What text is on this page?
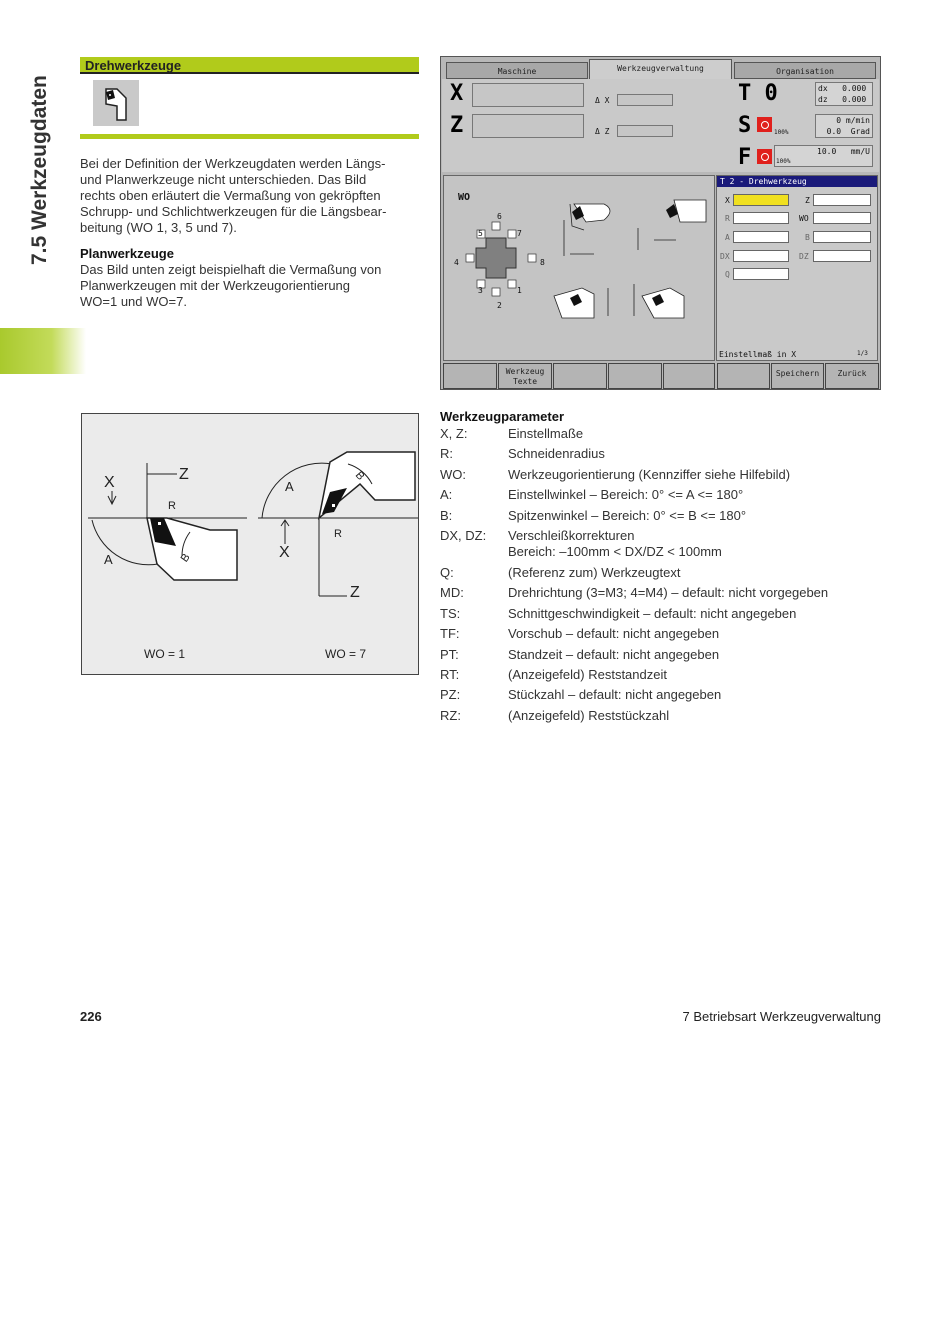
7.5 Werkzeugdaten
Drehwerkzeuge
Bei der Definition der Werkzeugdaten werden Längs-
und Planwerkzeuge nicht unterschieden. Das Bild
rechts oben erläutert die Vermaßung von gekröpften
Schrupp- und Schlichtwerkzeugen für die Längsbear-
beitung (WO 1, 3, 5 und 7).
Planwerkzeuge
Das Bild unten zeigt beispielhaft die Vermaßung von
Planwerkzeugen mit der Werkzeugorientierung
WO=1 und WO=7.
X	Z
R
A	B
WO = 1
X
Z
R
A
B
WO = 7
Maschine	Werkzeugverwaltung	Organisation
X
Z
Δ X
Δ Z
T 0	dx   0.000
dz   0.000
S	100%
0 m/min
0.0  Grad
F	10.0   mm/U
100%
WO
6
5	7
4	8
3	1
2
T 2 - Drehwerkzeug
X	Z
R	WO
A	B
DX	DZ
Q
Einstellmaß in X	1/3
Werkzeug Texte
Speichern	Zurück
Werkzeugparameter
X, Z:	Einstellmaße
R:	Schneidenradius
WO:	Werkzeugorientierung (Kennziffer siehe Hilfebild)
A:	Einstellwinkel – Bereich: 0° <= A <= 180°
B:	Spitzenwinkel – Bereich: 0° <= B <= 180°
DX, DZ:	Verschleißkorrekturen
Bereich: –100mm < DX/DZ < 100mm
Q:	(Referenz zum) Werkzeugtext
MD:	Drehrichtung (3=M3; 4=M4) – default: nicht vorgegeben
TS:	Schnittgeschwindigkeit – default: nicht angegeben
TF:	Vorschub – default: nicht angegeben
PT:	Standzeit – default: nicht angegeben
RT:	(Anzeigefeld) Reststandzeit
PZ:	Stückzahl – default: nicht angegeben
RZ:	(Anzeigefeld) Reststückzahl
226	7 Betriebsart Werkzeugverwaltung
